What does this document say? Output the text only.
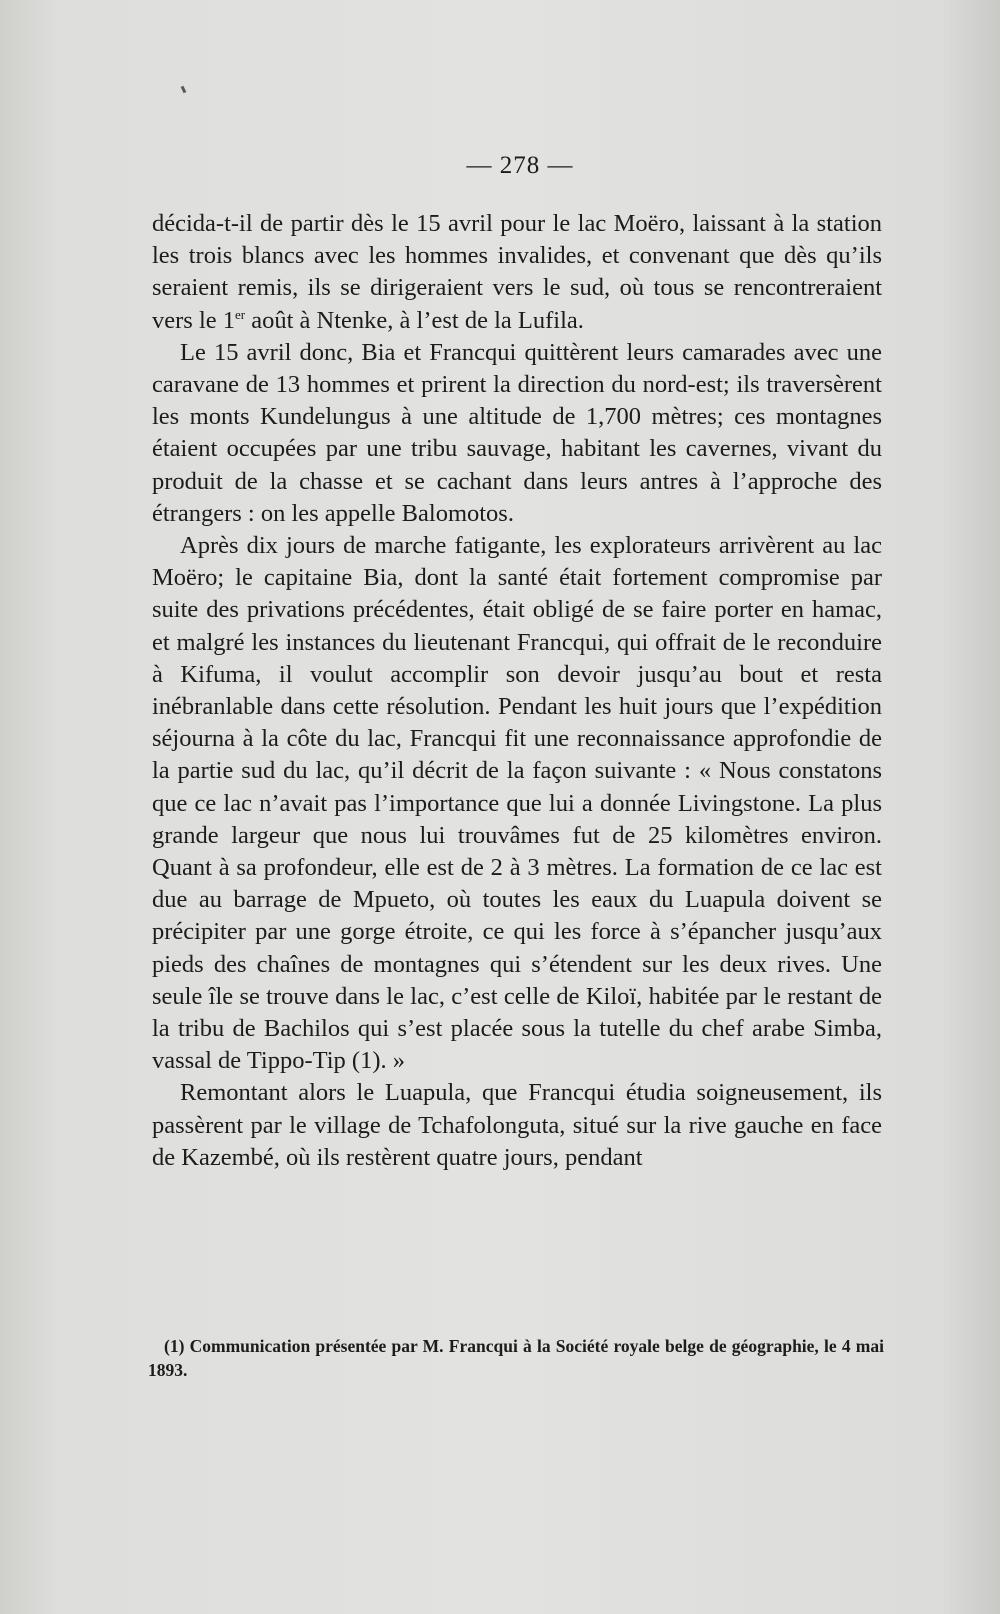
— 278 —

décida-t-il de partir dès le 15 avril pour le lac Moëro, laissant à la station les trois blancs avec les hommes invalides, et convenant que dès qu’ils seraient remis, ils se dirigeraient vers le sud, où tous se rencontreraient vers le 1er août à Ntenke, à l’est de la Lufila.

Le 15 avril donc, Bia et Francqui quittèrent leurs camarades avec une caravane de 13 hommes et prirent la direction du nord-est; ils traversèrent les monts Kundelungus à une altitude de 1,700 mètres; ces montagnes étaient occupées par une tribu sauvage, habitant les cavernes, vivant du produit de la chasse et se cachant dans leurs antres à l’approche des étrangers : on les appelle Balomotos.

Après dix jours de marche fatigante, les explorateurs arrivèrent au lac Moëro; le capitaine Bia, dont la santé était fortement compromise par suite des privations précédentes, était obligé de se faire porter en hamac, et malgré les instances du lieutenant Francqui, qui offrait de le reconduire à Kifuma, il voulut accomplir son devoir jusqu’au bout et resta inébranlable dans cette résolution. Pendant les huit jours que l’expédition séjourna à la côte du lac, Francqui fit une reconnaissance approfondie de la partie sud du lac, qu’il décrit de la façon suivante : « Nous constatons que ce lac n’avait pas l’importance que lui a donnée Livingstone. La plus grande largeur que nous lui trouvâmes fut de 25 kilomètres environ. Quant à sa profondeur, elle est de 2 à 3 mètres. La formation de ce lac est due au barrage de Mpueto, où toutes les eaux du Luapula doivent se précipiter par une gorge étroite, ce qui les force à s’épancher jusqu’aux pieds des chaînes de montagnes qui s’étendent sur les deux rives. Une seule île se trouve dans le lac, c’est celle de Kiloï, habitée par le restant de la tribu de Bachilos qui s’est placée sous la tutelle du chef arabe Simba, vassal de Tippo-Tip (1). »

Remontant alors le Luapula, que Francqui étudia soigneusement, ils passèrent par le village de Tchafolonguta, situé sur la rive gauche en face de Kazembé, où ils restèrent quatre jours, pendant

(1) Communication présentée par M. Francqui à la Société royale belge de géographie, le 4 mai 1893.
